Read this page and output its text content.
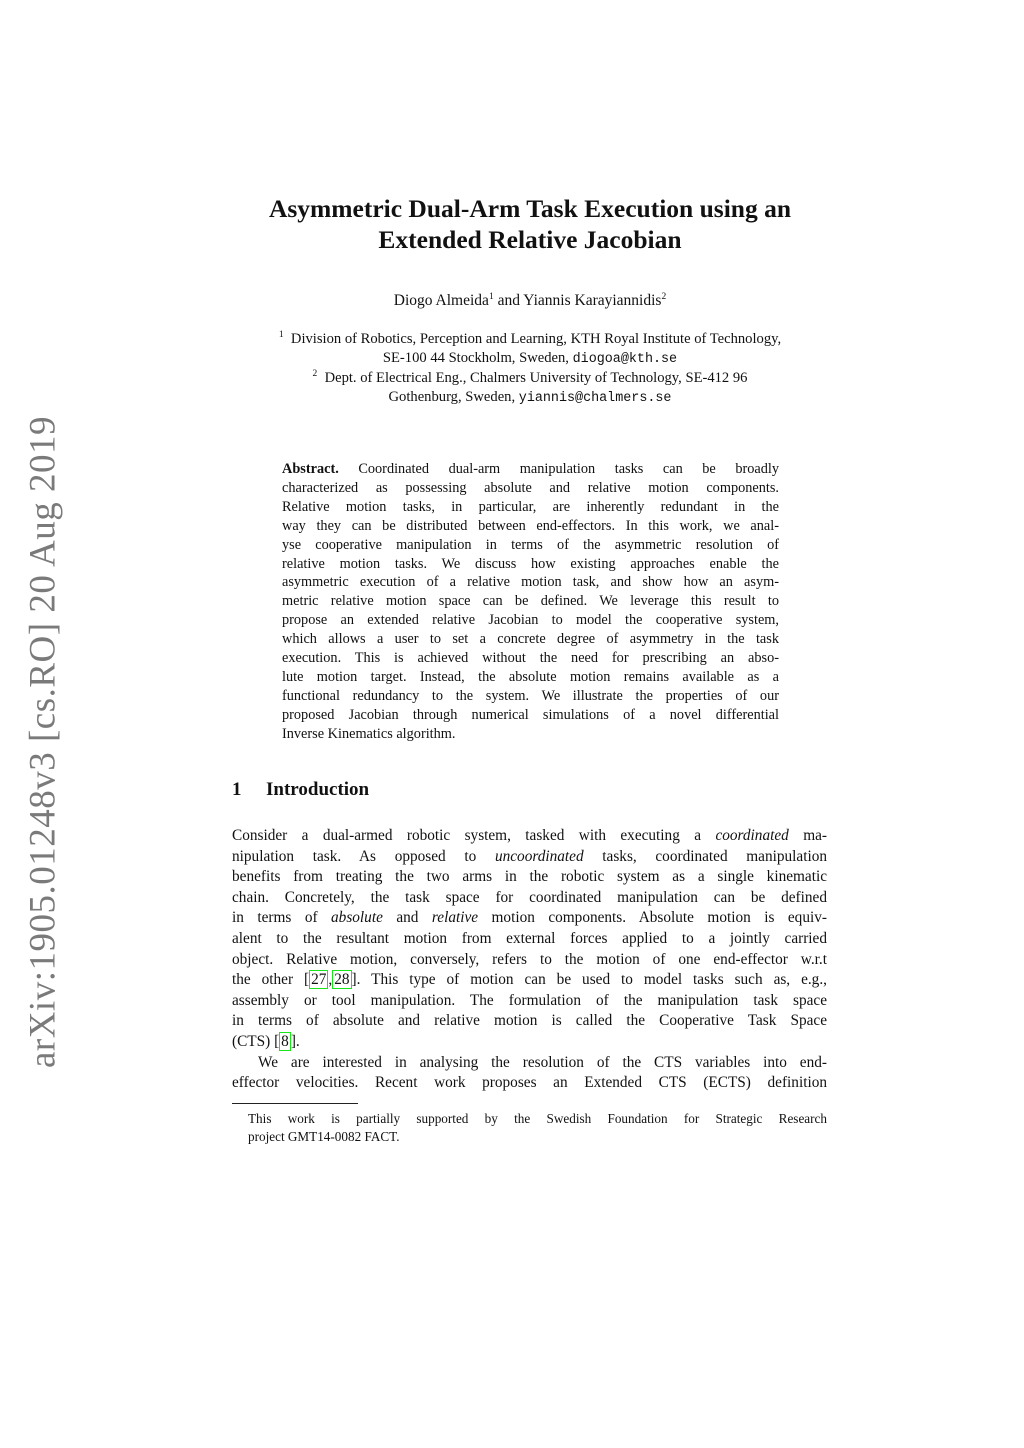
arXiv:1905.01248v3 [cs.RO] 20 Aug 2019
Asymmetric Dual-Arm Task Execution using an
Extended Relative Jacobian
Diogo Almeida$^1$ and Yiannis Karayiannidis$^2$
$^1$ Division of Robotics, Perception and Learning, KTH Royal Institute of Technology,
SE-100 44 Stockholm, Sweden, diogoa@kth.se
$^2$ Dept. of Electrical Eng., Chalmers University of Technology, SE-412 96
Gothenburg, Sweden, yiannis@chalmers.se
Abstract. Coordinated dual-arm manipulation tasks can be broadly
characterized as possessing absolute and relative motion components.
Relative motion tasks, in particular, are inherently redundant in the
way they can be distributed between end-effectors. In this work, we anal-
yse cooperative manipulation in terms of the asymmetric resolution of
relative motion tasks. We discuss how existing approaches enable the
asymmetric execution of a relative motion task, and show how an asym-
metric relative motion space can be defined. We leverage this result to
propose an extended relative Jacobian to model the cooperative system,
which allows a user to set a concrete degree of asymmetry in the task
execution. This is achieved without the need for prescribing an abso-
lute motion target. Instead, the absolute motion remains available as a
functional redundancy to the system. We illustrate the properties of our
proposed Jacobian through numerical simulations of a novel differential
Inverse Kinematics algorithm.
1 Introduction
Consider a dual-armed robotic system, tasked with executing a coordinated ma-
nipulation task. As opposed to uncoordinated tasks, coordinated manipulation
benefits from treating the two arms in the robotic system as a single kinematic
chain. Concretely, the task space for coordinated manipulation can be defined
in terms of absolute and relative motion components. Absolute motion is equiv-
alent to the resultant motion from external forces applied to a jointly carried
object. Relative motion, conversely, refers to the motion of one end-effector w.r.t
the other [ 27 , 28 ]. This type of motion can be used to model tasks such as, e.g.,
assembly or tool manipulation. The formulation of the manipulation task space
in terms of absolute and relative motion is called the Cooperative Task Space
(CTS) [ 8 ].
We are interested in analysing the resolution of the CTS variables into end-
effector velocities. Recent work proposes an Extended CTS (ECTS) definition
This work is partially supported by the Swedish Foundation for Strategic Research
project GMT14-0082 FACT.
